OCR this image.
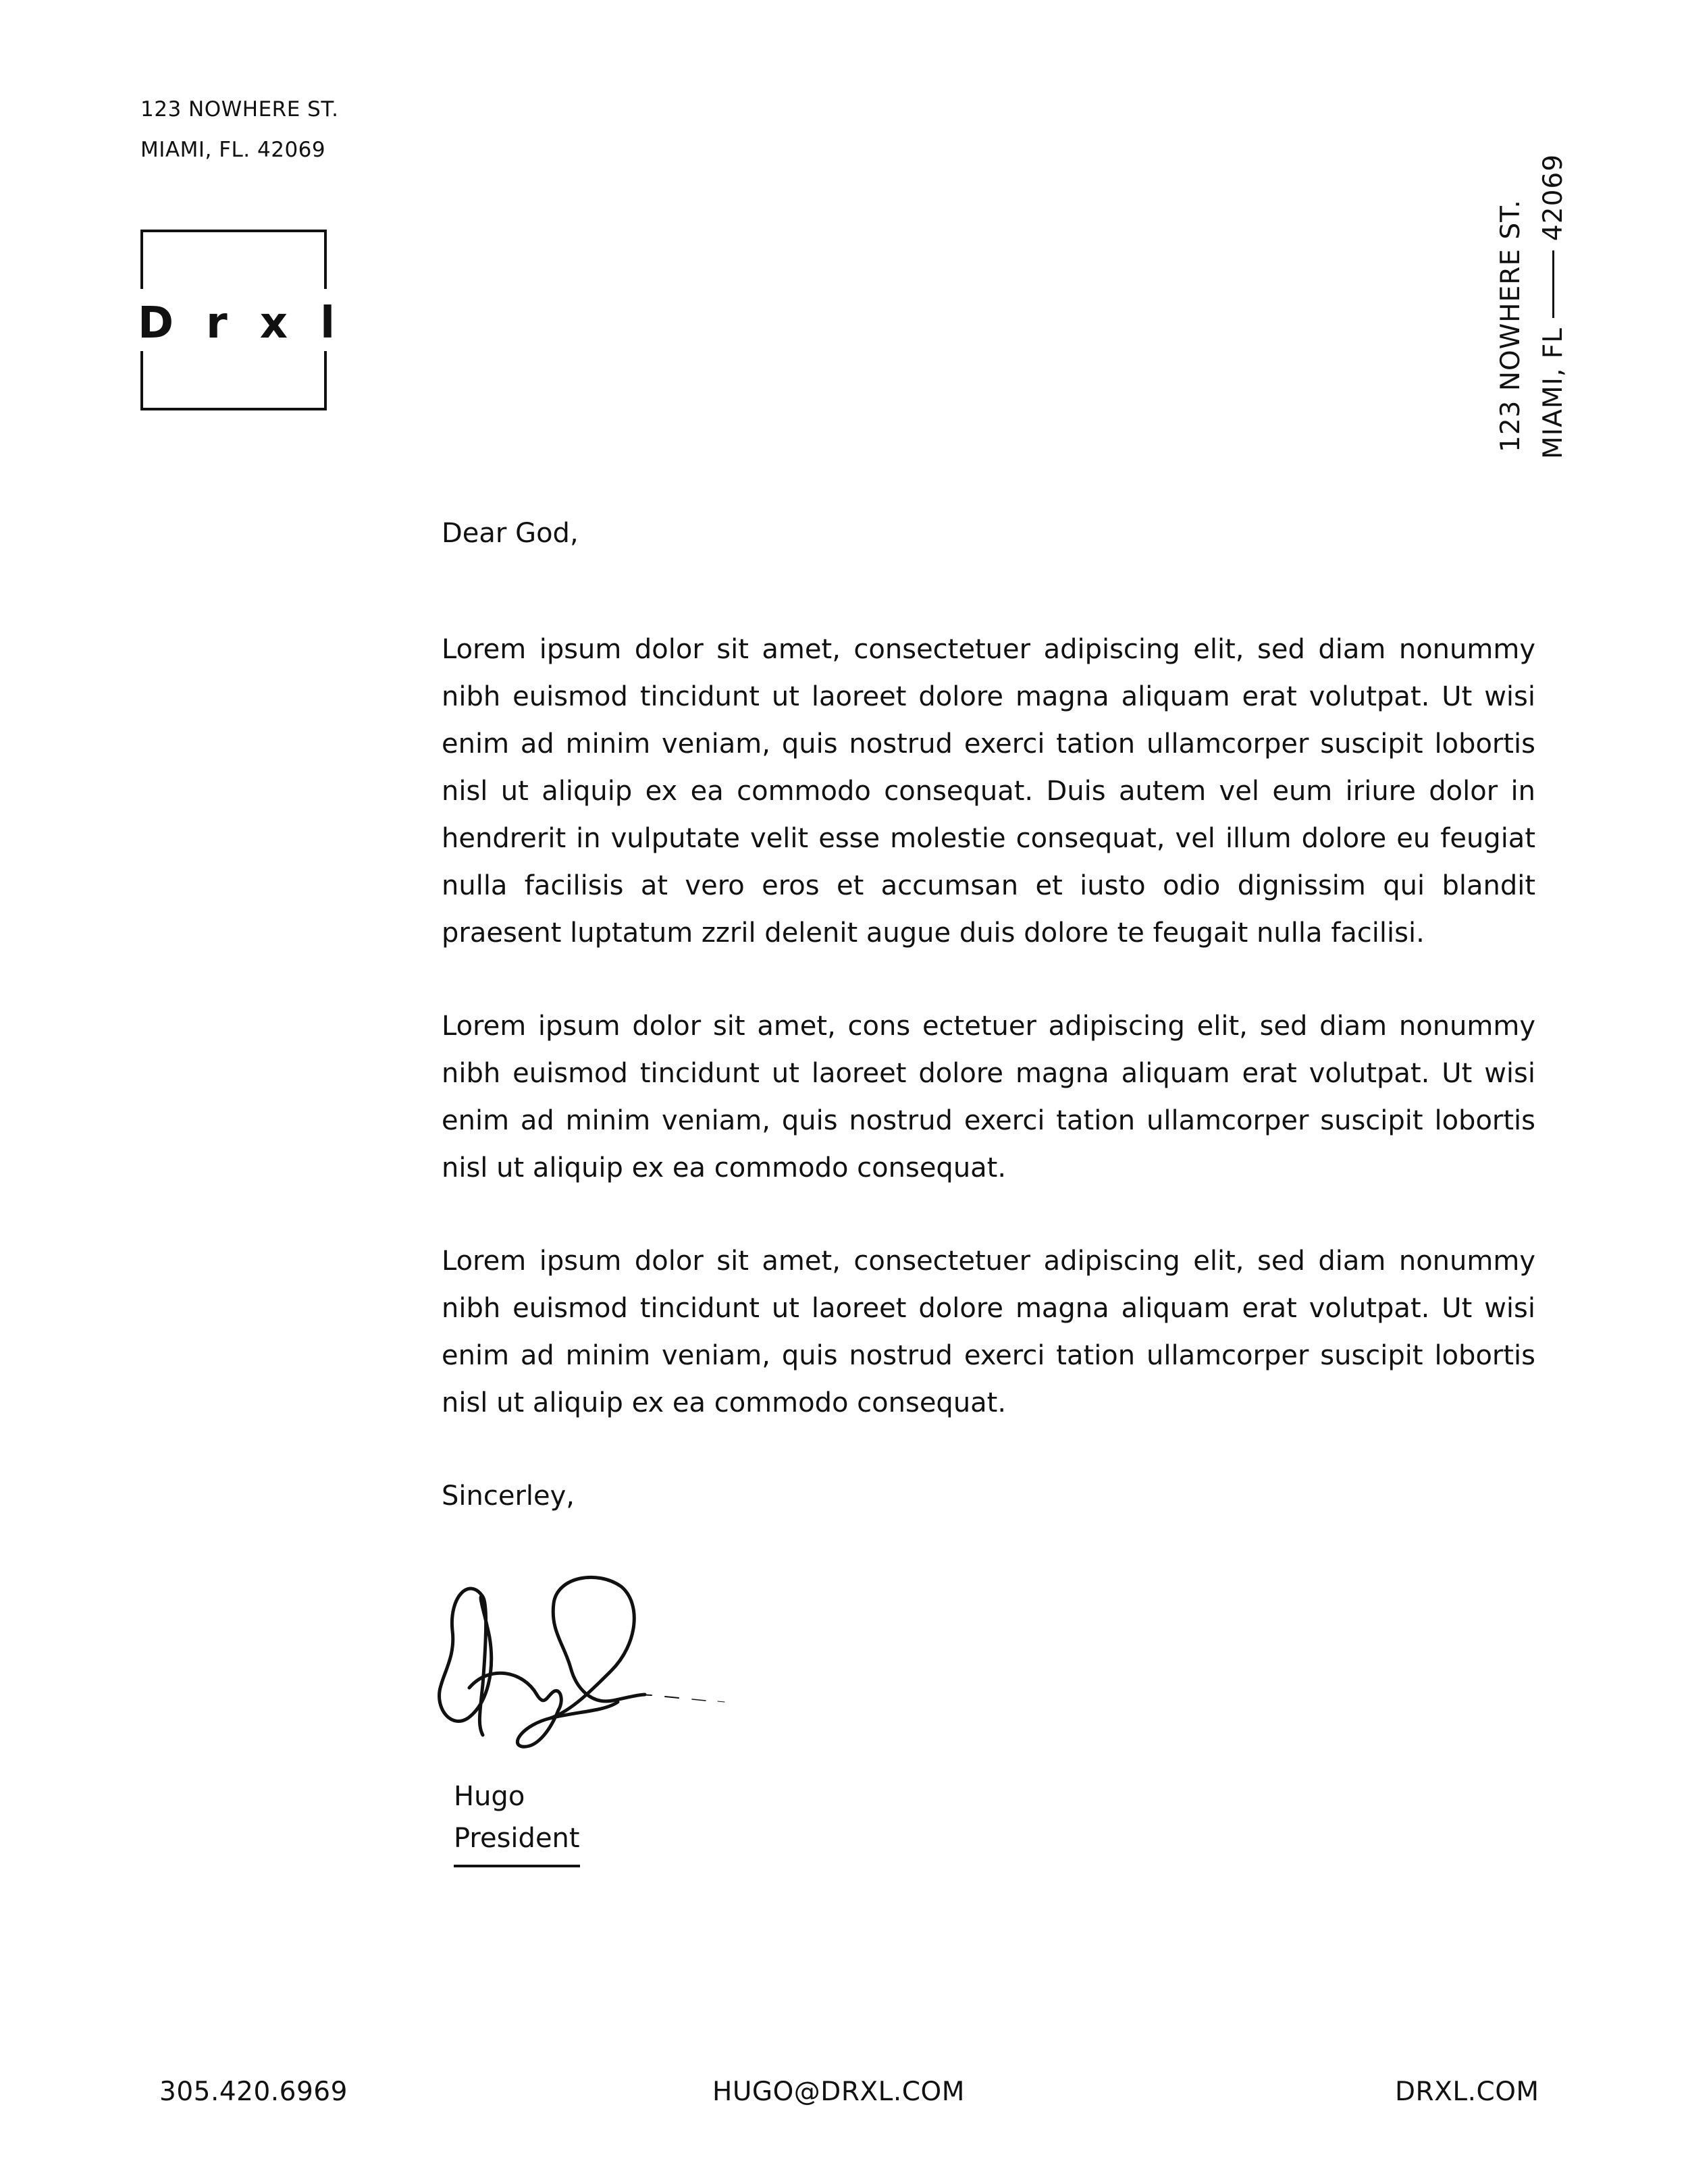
123 NOWHERE ST.
MIAMI, FL. 42069
D r x l	123 NOWHERE ST. MIAMI, FL
42069

Dear God,

Lorem ipsum dolor sit amet, consectetuer adipiscing elit, sed diam nonummy nibh euismod tincidunt ut laoreet dolore magna aliquam erat volutpat. Ut wisi enim ad minim veniam, quis nostrud exerci tation ullamcorper suscipit lobortis nisl ut aliquip ex ea commodo consequat. Duis autem vel eum iriure dolor in hendrerit in vulputate velit esse molestie consequat, vel illum dolore eu feugiat nulla facilisis at vero eros et accumsan et iusto odio dignissim qui blandit praesent luptatum zzril delenit augue duis dolore te feugait nulla facilisi.

Lorem ipsum dolor sit amet, cons ectetuer adipiscing elit, sed diam nonummy nibh euismod tincidunt ut laoreet dolore magna aliquam erat volutpat. Ut wisi enim ad minim veniam, quis nostrud exerci tation ullamcorper suscipit lobortis nisl ut aliquip ex ea commodo consequat.

Lorem ipsum dolor sit amet, consectetuer adipiscing elit, sed diam nonummy nibh euismod tincidunt ut laoreet dolore magna aliquam erat volutpat. Ut wisi enim ad minim veniam, quis nostrud exerci tation ullamcorper suscipit lobortis nisl ut aliquip ex ea commodo consequat.

Sincerley,

Hugo
President
305.420.6969	HUGO@DRXL.COM	DRXL.COM
